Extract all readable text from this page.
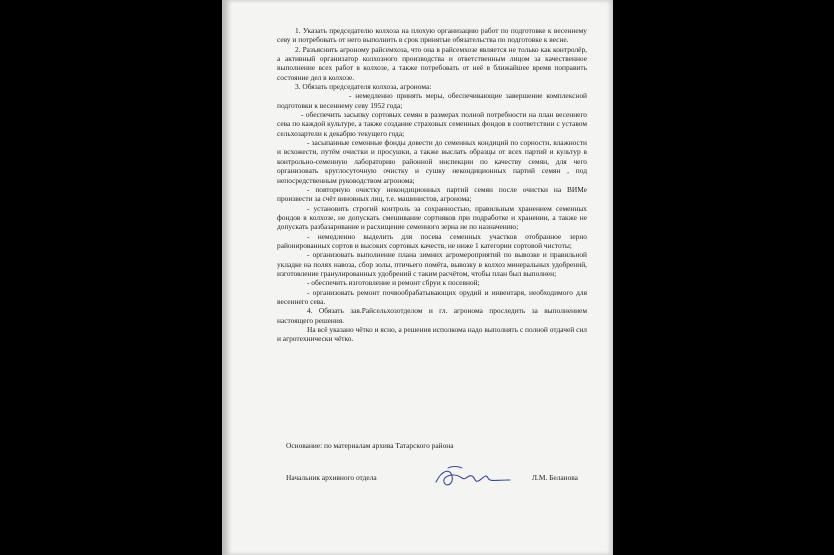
1. Указать председателю колхоза на плохую организацию работ по подготовке к весеннему севу и потребовать от него выполнить в срок принятые обязательства по подготовке к весне.

2. Разъяснить агроному райсемхоза, что она в райсемхозе является не только как контролёр, а активный организатор колхозного производства и ответственным лицом за качественное выполнение всех работ в колхозе, а также потребовать от неё в ближайшее время поправить состояние дел в колхозе.

3. Обязать председателя колхоза, агронома:

- немедленно принять меры, обеспечивающие завершение комплексной подготовки к весеннему севу 1952 года;

- обеспечить засыпку сортовых семян в размерах полной потребности на план весеннего сева по каждой культуре, а также создание страховых семенных фондов в соответствии с уставом сельхозартели к декабрю текущего года;

- засыпанные семенные фонды довести до семенных кондиций по сорности, влажности и всхожести, путём очистки и просушки, а также выслать образцы от всех партий и культур в контрольно-семенную лабораторию районной инспекции по качеству семян, для чего организовать круглосуточную очистку и сушку некондиционных партий семян , под непосредственным руководством агронома;

- повторную очистку некондиционных партий семян после очистки на ВИМе произвести за счёт виновных лиц, т.е. машинистов, агронома;

- установить строгий контроль за сохранностью, правильным хранением семенных фондов в колхозе, не допускать смешивание сортняков при подработке и хранении, а также не допускать разбазаривание и расхищение семенного зерна не по назначению;

- немедленно выделить для посева семенных участков отобранное зерно районированных сортов и высоких сортовых качеств, не ниже 1 категории сортовой чистоты;

- организовать выполнение плана зимних агромероприятий по вывозке и правильной укладке на полях навоза, сбор золы, птичьего помёта, вывозку в колхоз минеральных удобрений, изготовление гранулированных удобрений с таким расчётом, чтобы план был выполнен;

- обеспечить изготовление и ремонт сбруи к посевной;

- организовать ремонт почвообрабатывающих орудий и инвентаря, необходимого для весеннего сева.

4. Обязать зав.Райсельхозотделом и гл. агронома проследить за выполнением настоящего решения.

На всё указано чётко и ясно, а решения исполкома надо выполнять с полной отдачей сил и агротехнически чётко.

Основание: по материалам архива Татарского района
Начальник архивного отдела	Л.М. Беланова
